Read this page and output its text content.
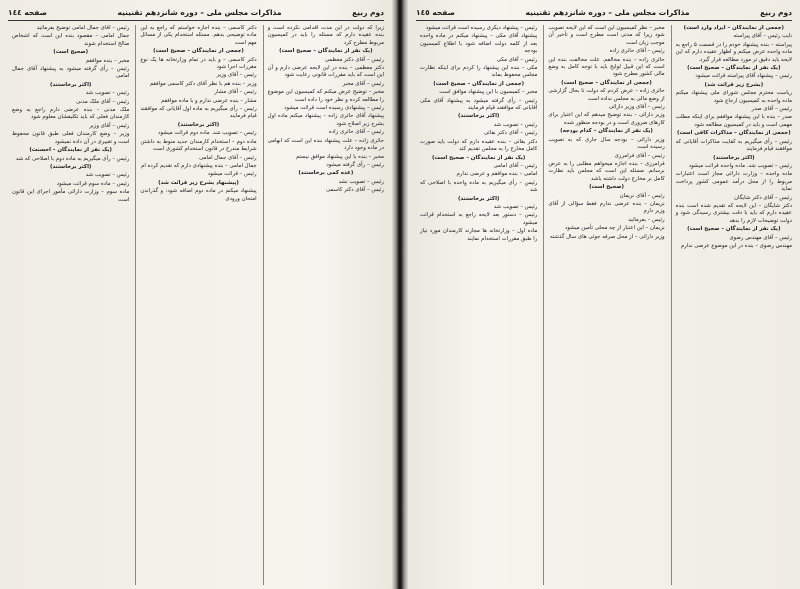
دوم ربيع
مذاكرات مجلس ملی – دوره شانزدهم تقنينيه
صفحه ١٤٥

(جمعی از نمایندگان – ایراد وارد است)

نایب رئیس – آقای پیراسته

پیراسته – بنده پیشنهاد خودم را در قسمت ۵ راجع به ماده واحده عرض میکنم و اظهار عقیده دارم که این لایحه باید دقیق تر مورد مطالعه قرار گیرد.

(یک نفر از نمایندگان – صحیح است)

رئیس – پیشنهاد آقای پیراسته قرائت میشود

(بشرح زیر قرائت شد)

ریاست محترم مجلس شورای ملی پیشنهاد میکنم ماده واحده به کمیسیون ارجاع شود

رئیس – آقای صدر

صدر – بنده با این پیشنهاد موافقم برای اینکه مطلب مهمی است و باید در کمیسیون مطالعه شود

(جمعی از نمایندگان – مذاکرات کافی است)

رئیس – رأی میگیریم به کفایت مذاکرات آقایانی که موافقند قیام فرمایند

(اکثر برخاستند)

رئیس – تصویب شد. ماده واحده قرائت میشود

ماده واحده – وزارت دارائی مجاز است اعتبارات مربوط را از محل درآمد عمومی کشور پرداخت نماید

رئیس – آقای دکتر شایگان

دکتر شایگان – این لایحه که تقدیم شده است بنده عقیده دارم که باید با دقت بیشتری رسیدگی شود و دولت توضیحات لازم را بدهد

(یک نفر از نمایندگان – صحیح است)

رئیس – آقای مهندس رضوی

مهندس رضوی – بنده در این موضوع عرضی ندارم

مخبر – نظر کمیسیون این است که این لایحه تصویب شود زیرا که مدتی است مطرح است و تأخیر آن موجب زیان است

رئیس – آقای حائری زاده

حائری زاده – بنده مخالفم. علت مخالفت بنده این است که این قبیل لوایح باید با توجه کامل به وضع مالی کشور مطرح شود

(جمعی از نمایندگان – صحیح است)

حائری زاده – عرض کردم که دولت تا بحال گزارشی از وضع مالی به مجلس نداده است

رئیس – آقای وزیر دارائی

وزیر دارائی – بنده توضیح میدهم که این اعتبار برای کارهای ضروری است و در بودجه منظور شده

(یک نفر از نمایندگان – کدام بودجه)

وزیر دارائی – بودجه سال جاری که به تصویب رسیده است

رئیس – آقای فرامرزی

فرامرزی – بنده اجازه میخواهم مطلبی را به عرض برسانم. مسئله این است که مجلس باید نظارت کامل بر مخارج دولت داشته باشد

(صحیح است)

رئیس – آقای نریمان

نریمان – بنده عرضی ندارم فقط سؤالی از آقای وزیر دارم

رئیس – بفرمائید

نریمان – این اعتبار از چه محلی تأمین میشود

وزیر دارائی – از محل صرفه جوئی های سال گذشته

رئیس – پیشنهاد دیگری رسیده است قرائت میشود

پیشنهاد آقای مکی – پیشنهاد میکنم در ماده واحده بعد از کلمه دولت اضافه شود با اطلاع کمیسیون بودجه

رئیس – آقای مکی

مکی – بنده این پیشنهاد را کردم برای اینکه نظارت مجلس محفوظ بماند

(جمعی از نمایندگان – صحیح است)

مخبر – کمیسیون با این پیشنهاد موافق است

رئیس – رأی گرفته میشود به پیشنهاد آقای مکی آقایانی که موافقند قیام فرمایند

(اکثر برخاستند)

رئیس – تصویب شد

رئیس – آقای دکتر بقائی

دکتر بقائی – بنده عقیده دارم که دولت باید صورت کامل مخارج را به مجلس تقدیم کند

(یک نفر از نمایندگان – صحیح است)

رئیس – آقای امامی

امامی – بنده موافقم و عرضی ندارم

رئیس – رأی میگیریم به ماده واحده با اصلاحی که شد

(اکثر برخاستند)

رئیس – تصویب شد

رئیس – دستور بعد لایحه راجع به استخدام قرائت میشود

ماده اول – وزارتخانه ها مجازند کارمندان مورد نیاز را طبق مقررات استخدام نمایند

دوم ربيع
مذاكرات مجلس ملی – دوره شانزدهم تقنينيه
صفحه ١٤٤

زیرا که دولت در این مدت اقدامی نکرده است و بنده عقیده دارم که مسئله را باید در کمیسیون مربوط مطرح کرد

(یک نفر از نمایندگان – صحیح است)

رئیس – آقای دکتر معظمی

دکتر معظمی – بنده در این لایحه عرضی دارم و آن این است که باید مقررات قانونی رعایت شود

رئیس – آقای مخبر

مخبر – توضیح عرض میکنم که کمیسیون این موضوع را مطالعه کرده و نظر خود را داده است

رئیس – پیشنهادی رسیده است قرائت میشود

پیشنهاد آقای حائری زاده – پیشنهاد میکنم ماده اول بشرح زیر اصلاح شود

رئیس – آقای حائری زاده

حائری زاده – علت پیشنهاد بنده این است که ابهامی در ماده وجود دارد

مخبر – بنده با این پیشنهاد موافق نیستم

رئیس – رأی گرفته میشود

(عده کمی برخاستند)

رئیس – تصویب نشد

رئیس – آقای دکتر کاسمی

دکتر کاسمی – بنده اجازه خواستم که راجع به این ماده توضیحی بدهم. مسئله استخدام یکی از مسائل مهم است

(جمعی از نمایندگان – صحیح است)

دکتر کاسمی – و باید در تمام وزارتخانه ها یک نوع مقررات اجرا شود

رئیس – آقای وزیر

وزیر – بنده هم با نظر آقای دکتر کاسمی موافقم

رئیس – آقای مشار

مشار – بنده عرضی ندارم و با ماده موافقم

رئیس – رأی میگیریم به ماده اول آقایانی که موافقند قیام فرمایند

(اکثر برخاستند)

رئیس – تصویب شد. ماده دوم قرائت میشود

ماده دوم – استخدام کارمندان جدید منوط به داشتن شرایط مندرج در قانون استخدام کشوری است

رئیس – آقای جمال امامی

جمال امامی – بنده پیشنهادی دارم که تقدیم کرده ام

رئیس – قرائت میشود

(پیشنهاد بشرح زیر قرائت شد)

پیشنهاد میکنم در ماده دوم اضافه شود: و گذراندن امتحان ورودی

رئیس – آقای جمال امامی توضیح بفرمائید

جمال امامی – مقصود بنده این است که اشخاص صالح استخدام شوند

(صحیح است)

مخبر – بنده موافقم

رئیس – رأی گرفته میشود به پیشنهاد آقای جمال امامی

(اکثر برخاستند)

رئیس – تصویب شد

رئیس – آقای ملک مدنی

ملک مدنی – بنده عرضی دارم راجع به وضع کارمندان فعلی که باید تکلیفشان معلوم شود

رئیس – آقای وزیر

وزیر – وضع کارمندان فعلی طبق قانون محفوظ است و تغییری در آن داده نمیشود

(یک نفر از نمایندگان – احسنت)

رئیس – رأی میگیریم به ماده دوم با اصلاحی که شد

(اکثر برخاستند)

رئیس – تصویب شد

رئیس – ماده سوم قرائت میشود

ماده سوم – وزارت دارائی مأمور اجرای این قانون است
